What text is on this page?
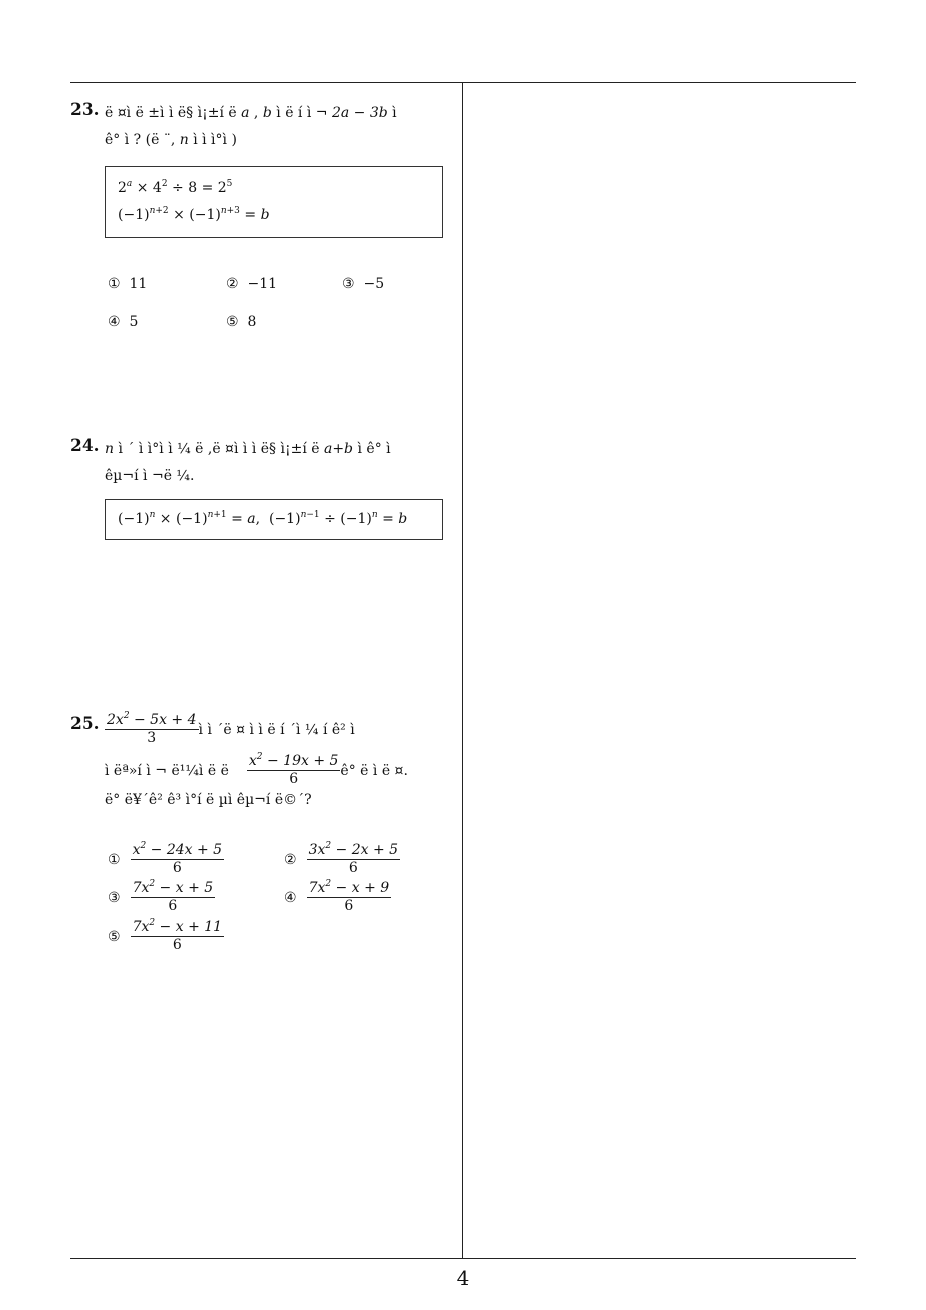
23. ë ¤ì ë ±ì ì ë§ ì¡±í ë a , b ì ë í ì ¬ 2a − 3b ì
ê° ì ? (ë ¨, n ì ì ì°ì )
$2^a \times 4^2 \div 8 = 2^5$
$(-1)^{n+2} \times (-1)^{n+3} = b$
① 11	② −11	③ −5
④ 5	⑤ 8
24. n ì ´ ì ì°ì ì ¼ ë ,ë ¤ì ì ì ë§ ì¡±í ë a+b ì ê° ì
êµ¬í ì ¬ë ¼.
$(-1)^n \times (-1)^{n+1} = a$,  $(-1)^{n-1} \div (-1)^n = b$
25. $\frac{2x^2 - 5x + 4}{3}$ ì ì ´ë ¤ ì ì ë í ´ì ¼ í ê² ì
ì ëª»í ì ¬ ë¹¼ì ë ë $\frac{x^2 - 19x + 5}{6}$ ê° ë ì ë ¤.
ë° ë¥´ê² ê³ ì°í ë µì êµ¬í ë©´?
① $\frac{x^2 - 24x + 5}{6}$	② $\frac{3x^2 - 2x + 5}{6}$
③ $\frac{7x^2 - x + 5}{6}$	④ $\frac{7x^2 - x + 9}{6}$
⑤ $\frac{7x^2 - x + 11}{6}$
4
